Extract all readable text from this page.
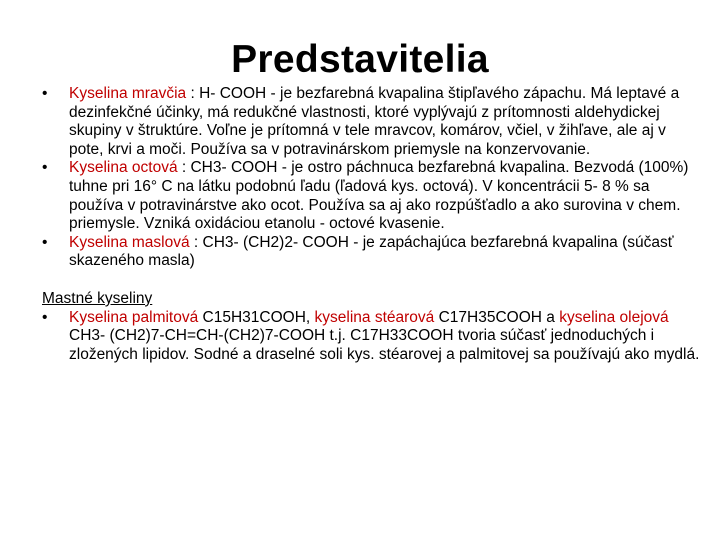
Predstavitelia
• Kyselina mravčia : H- COOH - je bezfarebná kvapalina štipľavého zápachu. Má leptavé a dezinfekčné účinky, má redukčné vlastnosti, ktoré vyplývajú z prítomnosti aldehydickej skupiny v štruktúre. Voľne je prítomná v tele mravcov, komárov, včiel, v žihľave, ale aj v pote, krvi a moči. Používa sa v potravinárskom priemysle na konzervovanie.
• Kyselina octová : CH3- COOH - je ostro páchnuca bezfarebná kvapalina. Bezvodá (100%) tuhne pri 16° C na látku podobnú ľadu (ľadová kys. octová). V koncentrácii 5- 8 % sa používa v potravinárstve ako ocot. Používa sa aj ako rozpúšťadlo a ako surovina v chem. priemysle. Vzniká oxidáciou etanolu - octové kvasenie.
• Kyselina maslová : CH3- (CH2)2- COOH - je zapáchajúca bezfarebná kvapalina (súčasť skazeného masla)
Mastné kyseliny
• Kyselina palmitová C15H31COOH, kyselina stéarová C17H35COOH a kyselina olejová CH3- (CH2)7-CH=CH-(CH2)7-COOH t.j. C17H33COOH tvoria súčasť jednoduchých i zložených lipidov. Sodné a draselné soli kys. stéarovej a palmitovej sa používajú ako mydlá.
